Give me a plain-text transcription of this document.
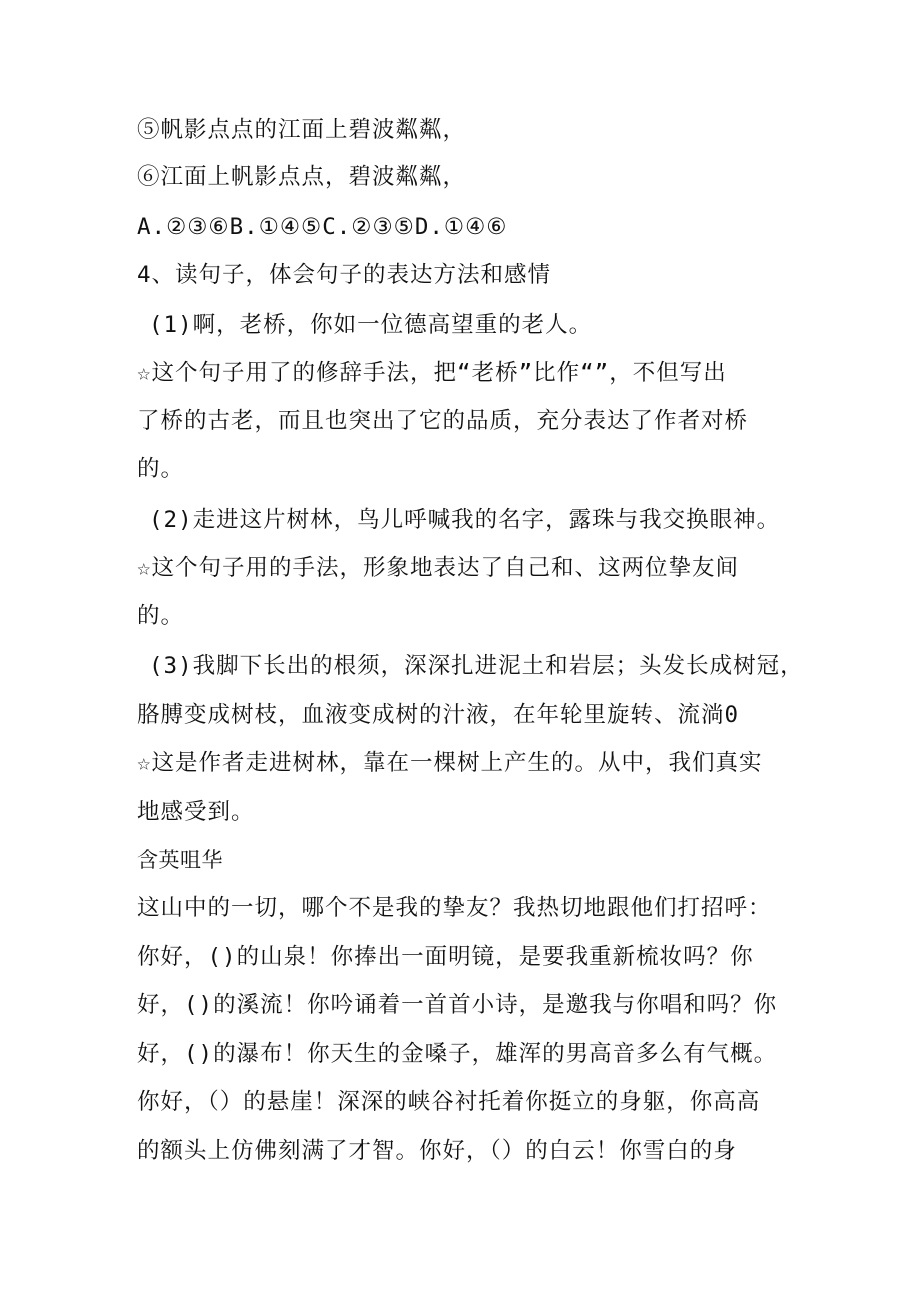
⑤帆影点点的江面上碧波粼粼，
⑥江面上帆影点点，碧波粼粼，
A.②③⑥B.①④⑤C.②③⑤D.①④⑥
4、读句子，体会句子的表达方法和感情
(1)啊，老桥，你如一位德高望重的老人。
☆这个句子用了的修辞手法，把“老桥”比作“”，不但写出
了桥的古老，而且也突出了它的品质，充分表达了作者对桥
的。
(2)走进这片树林，鸟儿呼喊我的名字，露珠与我交换眼神。
☆这个句子用的手法，形象地表达了自己和、这两位挚友间
的。
(3)我脚下长出的根须，深深扎进泥土和岩层；头发长成树冠，
胳膊变成树枝，血液变成树的汁液，在年轮里旋转、流淌0
☆这是作者走进树林，靠在一棵树上产生的。从中，我们真实
地感受到。
含英咀华
这山中的一切，哪个不是我的挚友？我热切地跟他们打招呼：
你好，()的山泉！你捧出一面明镜，是要我重新梳妆吗？你
好，()的溪流！你吟诵着一首首小诗，是邀我与你唱和吗？你
好，()的瀑布！你天生的金嗓子，雄浑的男高音多么有气概。
你好，（）的悬崖！深深的峡谷衬托着你挺立的身躯，你高高
的额头上仿佛刻满了才智。你好，（）的白云！你雪白的身
